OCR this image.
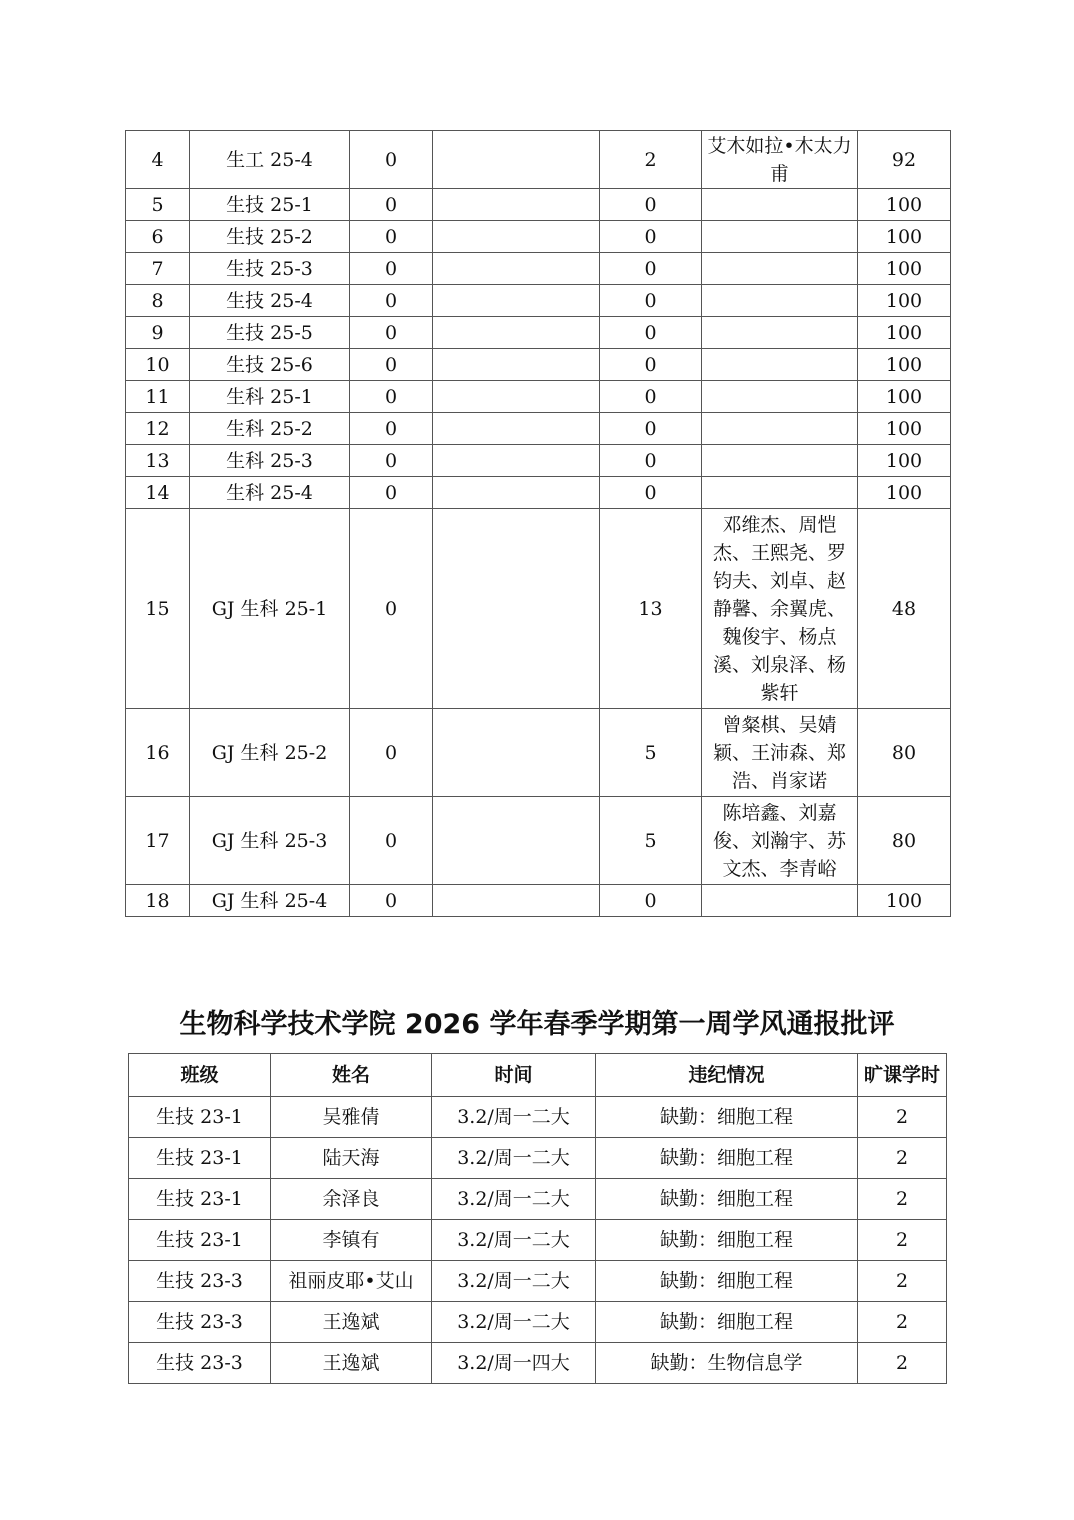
4	生工 25-4	0		2	艾木如拉•木太力甫	92
5	生技 25-1	0		0		100
6	生技 25-2	0		0		100
7	生技 25-3	0		0		100
8	生技 25-4	0		0		100
9	生技 25-5	0		0		100
10	生技 25-6	0		0		100
11	生科 25-1	0		0		100
12	生科 25-2	0		0		100
13	生科 25-3	0		0		100
14	生科 25-4	0		0		100
15	GJ 生科 25-1	0		13	邓维杰、周恺杰、王熙尧、罗钧夫、刘卓、赵静馨、余翼虎、魏俊宇、杨点溪、刘泉泽、杨紫轩	48
16	GJ 生科 25-2	0		5	曾粲棋、吴婧颖、王沛森、郑浩、肖家诺	80
17	GJ 生科 25-3	0		5	陈培鑫、刘嘉俊、刘瀚宇、苏文杰、李青峪	80
18	GJ 生科 25-4	0		0		100
生物科学技术学院 2026 学年春季学期第一周学风通报批评
班级	姓名	时间	违纪情况	旷课学时
生技 23-1	吴雅倩	3.2/周一二大	缺勤：细胞工程	2
生技 23-1	陆天海	3.2/周一二大	缺勤：细胞工程	2
生技 23-1	余泽良	3.2/周一二大	缺勤：细胞工程	2
生技 23-1	李镇有	3.2/周一二大	缺勤：细胞工程	2
生技 23-3	祖丽皮耶•艾山	3.2/周一二大	缺勤：细胞工程	2
生技 23-3	王逸斌	3.2/周一二大	缺勤：细胞工程	2
生技 23-3	王逸斌	3.2/周一四大	缺勤：生物信息学	2
